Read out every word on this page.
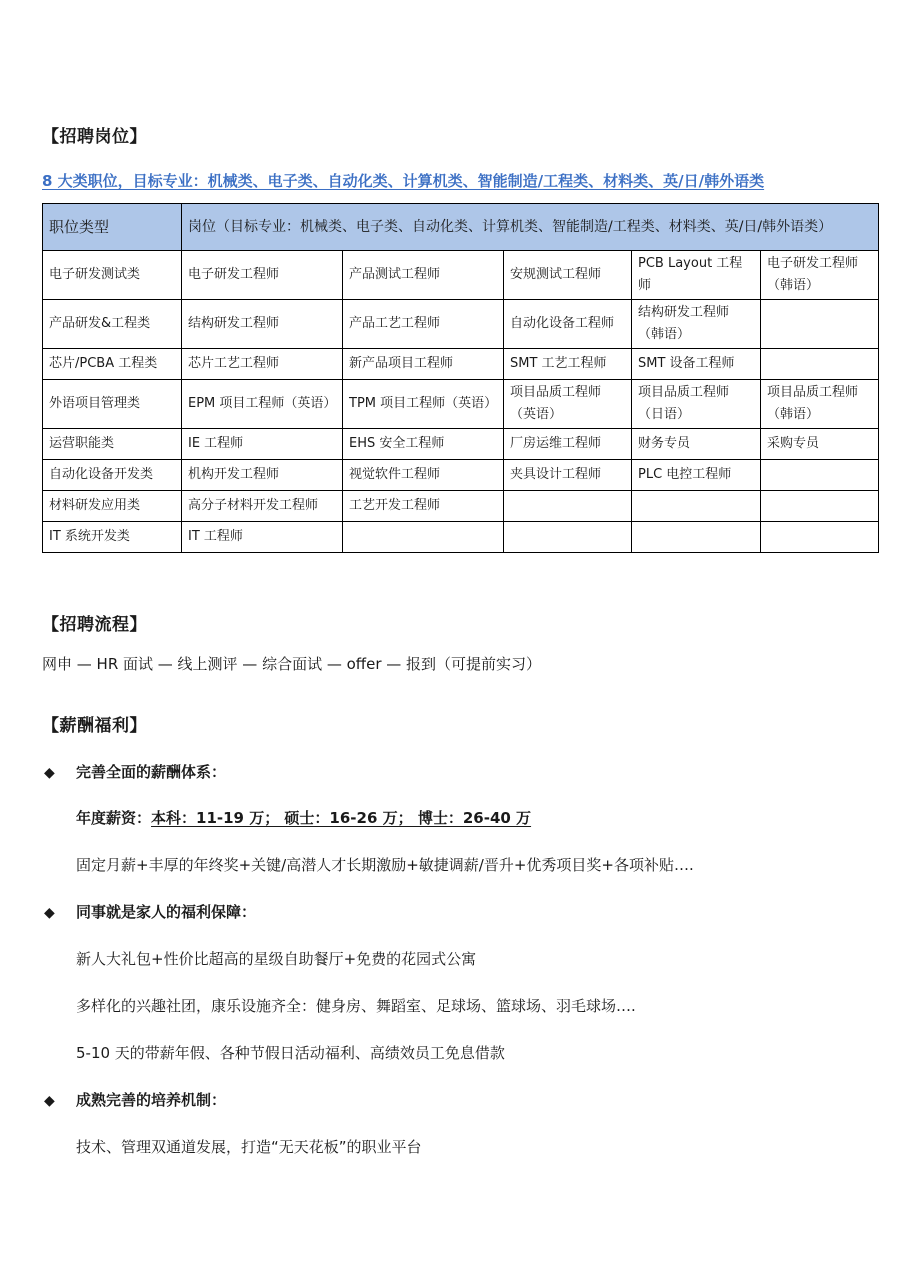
【招聘岗位】
8 大类职位，目标专业：机械类、电子类、自动化类、计算机类、智能制造/工程类、材料类、英/日/韩外语类
职位类型	岗位（目标专业：机械类、电子类、自动化类、计算机类、智能制造/工程类、材料类、英/日/韩外语类）				
电子研发测试类	电子研发工程师	产品测试工程师	安规测试工程师	PCB Layout 工程师	电子研发工程师（韩语）
产品研发&工程类	结构研发工程师	产品工艺工程师	自动化设备工程师	结构研发工程师（韩语）	
芯片/PCBA 工程类	芯片工艺工程师	新产品项目工程师	SMT 工艺工程师	SMT 设备工程师	
外语项目管理类	EPM 项目工程师（英语）	TPM 项目工程师（英语）	项目品质工程师（英语）	项目品质工程师（日语）	项目品质工程师（韩语）
运营职能类	IE 工程师	EHS 安全工程师	厂房运维工程师	财务专员	采购专员
自动化设备开发类	机构开发工程师	视觉软件工程师	夹具设计工程师	PLC 电控工程师	
材料研发应用类	高分子材料开发工程师	工艺开发工程师			
IT 系统开发类	IT 工程师				
【招聘流程】
网申 — HR 面试 — 线上测评 — 综合面试 — offer — 报到（可提前实习）
【薪酬福利】
◆ 完善全面的薪酬体系：
年度薪资：本科：11-19 万； 硕士：16-26 万； 博士：26-40 万
固定月薪+丰厚的年终奖+关键/高潜人才长期激励+敏捷调薪/晋升+优秀项目奖+各项补贴….
◆ 同事就是家人的福利保障：
新人大礼包+性价比超高的星级自助餐厅+免费的花园式公寓
多样化的兴趣社团，康乐设施齐全：健身房、舞蹈室、足球场、篮球场、羽毛球场….
5-10 天的带薪年假、各种节假日活动福利、高绩效员工免息借款
◆ 成熟完善的培养机制：
技术、管理双通道发展，打造“无天花板”的职业平台
